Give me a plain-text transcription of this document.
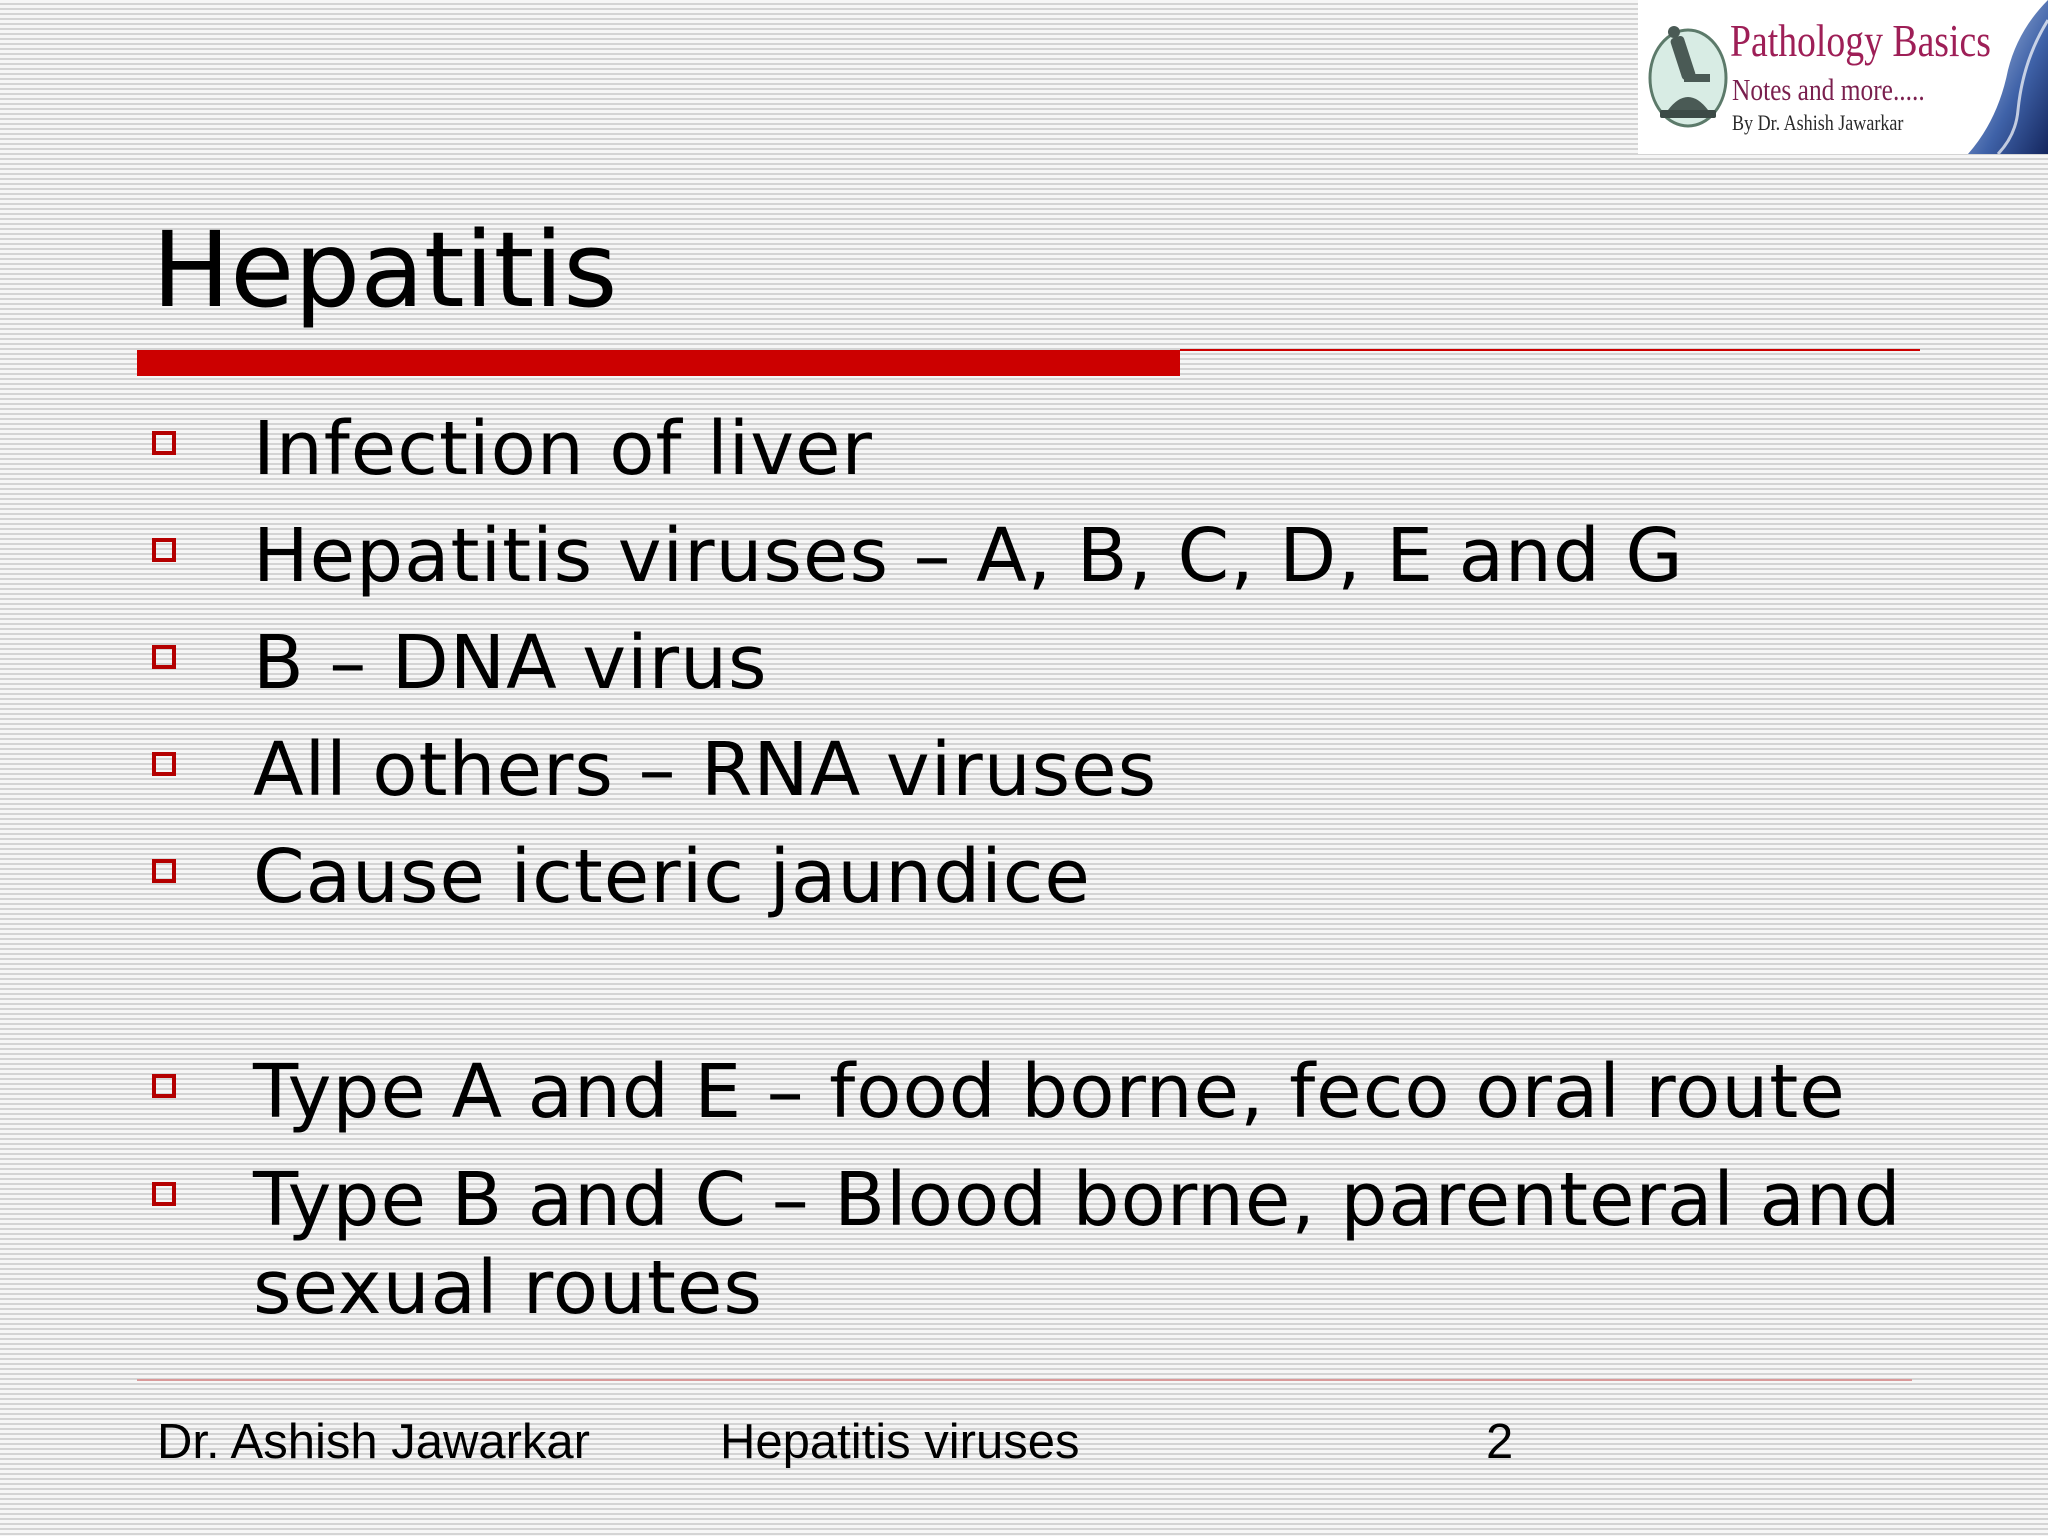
Pathology Basics
Notes and more.....
By Dr. Ashish Jawarkar
Hepatitis
Infection of liver
Hepatitis viruses – A, B, C, D, E and G
B – DNA virus
All others – RNA viruses
Cause icteric jaundice
Type A and E – food borne, feco oral route
Type B and C – Blood borne, parenteral and
sexual routes
Dr. Ashish Jawarkar	Hepatitis viruses	2
